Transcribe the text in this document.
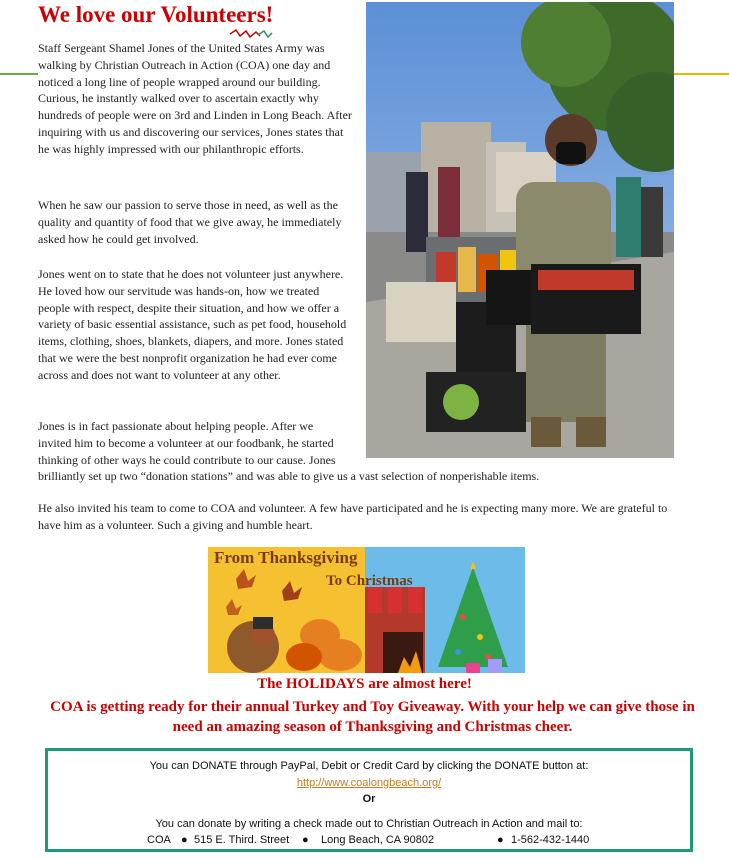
We love our Volunteers!

Staff Sergeant Shamel Jones of the United States Army was walking by Christian Outreach in Action (COA) one day and noticed a long line of people wrapped around our building. Curious, he instantly walked over to ascertain exactly why hundreds of people were on 3rd and Linden in Long Beach. After inquiring with us and discovering our services, Jones states that he was highly impressed with our philanthropic efforts.

When he saw our passion to serve those in need, as well as the quality and quantity of food that we give away, he immediately asked how he could get involved.

Jones went on to state that he does not volunteer just anywhere. He loved how our servitude was hands-on, how we treated people with respect, despite their situation, and how we offer a variety of basic essential assistance, such as pet food, household items, clothing, shoes, blankets, diapers, and more. Jones stated that we were the best nonprofit organization he had ever come across and does not want to volunteer at any other.

Jones is in fact passionate about helping people. After we invited him to become a volunteer at our foodbank, he started thinking of other ways he could contribute to our cause. Jones brilliantly set up two “donation stations” and was able to give us a vast selection of nonperishable items.

He also invited his team to come to COA and volunteer. A few have participated and he is expecting many more. We are grateful to have him as a volunteer. Such a giving and humble heart.

From Thanksgiving
To Christmas
The HOLIDAYS are almost here!

COA is getting ready for their annual Turkey and Toy Giveaway. With your help we can give those in need an amazing season of Thanksgiving and Christmas cheer.

You can DONATE through PayPal, Debit or Credit Card by clicking the DONATE button at:
http://www.coalongbeach.org/
Or
You can donate by writing a check made out to Christian Outreach in Action and mail to:
COA ● 515 E. Third. Street ● Long Beach, CA 90802	● 1-562-432-1440
